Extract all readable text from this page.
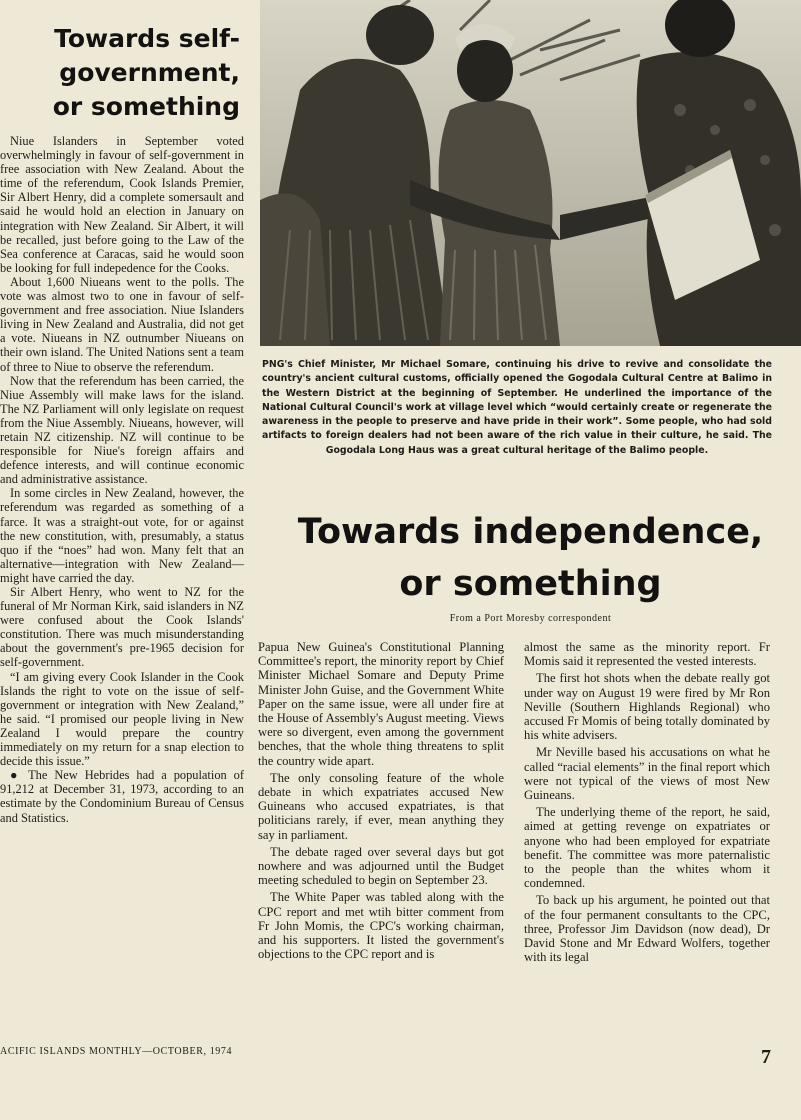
Towards self-
government,
or something

Niue Islanders in September voted overwhelmingly in favour of self-government in free association with New Zealand. About the time of the referendum, Cook Islands Premier, Sir Albert Henry, did a complete somersault and said he would hold an election in January on integration with New Zealand. Sir Albert, it will be recalled, just before going to the Law of the Sea conference at Caracas, said he would soon be looking for full indepedence for the Cooks.

About 1,600 Niueans went to the polls. The vote was almost two to one in favour of self-government and free association. Niue Islanders living in New Zealand and Australia, did not get a vote. Niueans in NZ outnumber Niueans on their own island. The United Nations sent a team of three to Niue to observe the referendum.

Now that the referendum has been carried, the Niue Assembly will make laws for the island. The NZ Parliament will only legislate on request from the Niue Assembly. Niueans, however, will retain NZ citizenship. NZ will continue to be responsible for Niue's foreign affairs and defence interests, and will continue economic and administrative assistance.

In some circles in New Zealand, however, the referendum was regarded as something of a farce. It was a straight-out vote, for or against the new constitution, with, presumably, a status quo if the “noes” had won. Many felt that an alternative—integration with New Zealand—might have carried the day.

Sir Albert Henry, who went to NZ for the funeral of Mr Norman Kirk, said islanders in NZ were confused about the Cook Islands' constitution. There was much misunderstanding about the government's pre-1965 decision for self-government.

“I am giving every Cook Islander in the Cook Islands the right to vote on the issue of self-government or integration with New Zealand,” he said. “I promised our people living in New Zealand I would prepare the country immediately on my return for a snap election to decide this issue.”

● The New Hebrides had a population of 91,212 at December 31, 1973, according to an estimate by the Condominium Bureau of Census and Statistics.

PNG's Chief Minister, Mr Michael Somare, continuing his drive to revive and consolidate the country's ancient cultural customs, officially opened the Gogodala Cultural Centre at Balimo in the Western District at the beginning of September. He underlined the importance of the National Cultural Council's work at village level which “would certainly create or regenerate the awareness in the people to preserve and have pride in their work”. Some people, who had sold artifacts to foreign dealers had not been aware of the rich value in their culture, he said. The Gogodala Long Haus was a great cultural heritage of the Balimo people.

Towards independence,
or something
From a Port Moresby correspondent

Papua New Guinea's Constitutional Planning Committee's report, the minority report by Chief Minister Michael Somare and Deputy Prime Minister John Guise, and the Government White Paper on the same issue, were all under fire at the House of Assembly's August meeting. Views were so divergent, even among the government benches, that the whole thing threatens to split the country wide apart.

The only consoling feature of the whole debate in which expatriates accused New Guineans who accused expatriates, is that politicians rarely, if ever, mean anything they say in parliament.

The debate raged over several days but got nowhere and was adjourned until the Budget meeting scheduled to begin on September 23.

The White Paper was tabled along with the CPC report and met wtih bitter comment from Fr John Momis, the CPC's working chairman, and his supporters. It listed the government's objections to the CPC report and is

almost the same as the minority report. Fr Momis said it represented the vested interests.

The first hot shots when the debate really got under way on August 19 were fired by Mr Ron Neville (Southern Highlands Regional) who accused Fr Momis of being totally dominated by his white advisers.

Mr Neville based his accusations on what he called “racial elements” in the final report which were not typical of the views of most New Guineans.

The underlying theme of the report, he said, aimed at getting revenge on expatriates or anyone who had been employed for expatriate benefit. The committee was more paternalistic to the people than the whites whom it condemned.

To back up his argument, he pointed out that of the four permanent consultants to the CPC, three, Professor Jim Davidson (now dead), Dr David Stone and Mr Edward Wolfers, together with its legal

ACIFIC ISLANDS MONTHLY—OCTOBER, 1974	7
